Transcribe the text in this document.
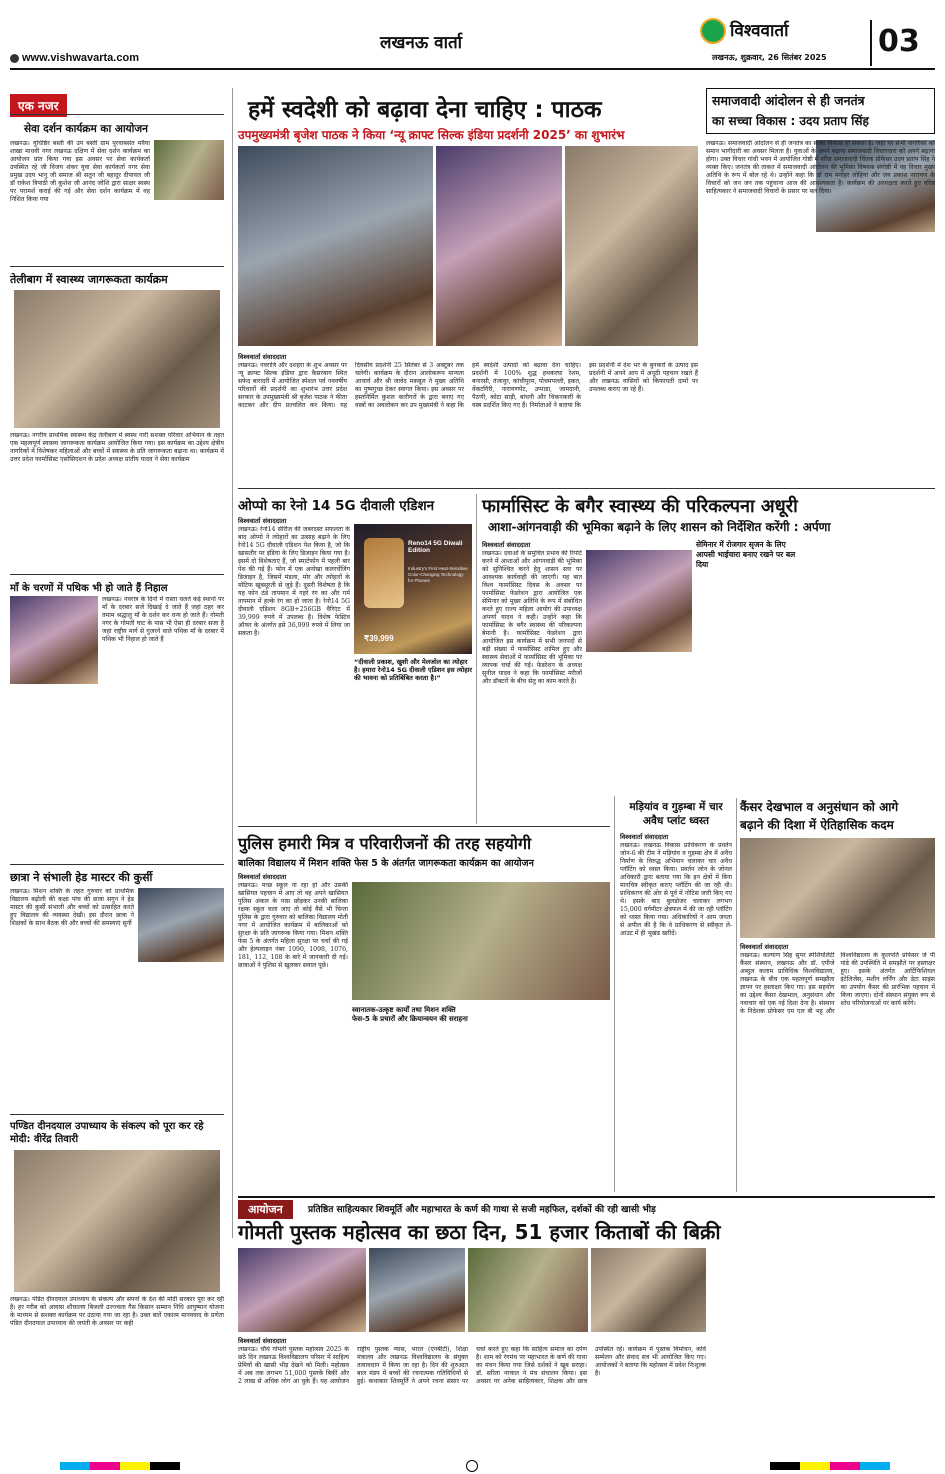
www.vishwavarta.com
लखनऊ वार्ता
विश्ववार्ता
लखनऊ, शुक्रवार, 26 सितंबर 2025 03
एक नजर
सेवा दर्शन कार्यक्रम का आयोजन
लखनऊ। युधिष्ठिर बस्ती की उप बस्ती ग्राम पुरवाबसंत मवैया शाखा माधवी नगर लखनऊ दक्षिण में सेवा दर्शन कार्यक्रम का आयोजन प्रांत किया गया इस अवसर पर सेवा कार्यकर्ता उपस्थित रहे जी विजय शंकर युवा सेवा कार्यकर्ता नगर सेवा प्रमुख उदय भानु जी समाज श्री सतुन जी बहादुर दीपावल जी डॉ राकेश त्रिपाठी जी कुशेश जी आनंद जोशि द्वारा साक्षर स्वस्थ पर परामर्श कराई की गई और सेवा दर्शन कार्यक्रम में वह निशित किया गया
तेलीबाग में स्वास्थ्य जागरूकता कार्यक्रम
लखनऊ। नगरीय प्राथमिक स्वास्थ्य केंद्र तेलीबाग में स्वस्थ नारी सशक्त परिवार अभियान के तहत एक महत्वपूर्ण स्वास्थ्य जागरूकता कार्यक्रम आयोजित किया गया। इस कार्यक्रम का उद्देश्य क्षेत्रीय नागरिकों में विशेषकर महिलाओं और बच्चों में स्वास्थ्य के प्रति जागरूकता बढ़ाना था। कार्यक्रम में उत्तर प्रदेश फार्मासिस्ट एसोसिएशन के प्रदेश अध्यक्ष प्रांतीय यादव ने सेवा कार्यक्रम
माँ के चरणों में पथिक भी हो जाते हैं निहाल
लखनऊ। नवरात्र के दिनों में रास्ता चलते कई स्थानों पर माँ के दरबार सजे दिखाई दे जाते हैं जहां ठहर कर तमाम श्रद्धालु माँ के दर्शन कर धन्य हो जाते हैं। गोमती नगर के गोमती घाट के पास भी ऐसा ही दरबार सजा है जहां राष्ट्रीय मार्ग से गुजरने वाले पथिक माँ के दरबार में पथिक भी निहाल हो जाते हैं
छात्रा ने संभाली हेड मास्टर की कुर्सी
लखनऊ। मिशन शक्ति के तहत गुरुवार को प्राथमिक विद्यालय बढ़ोली की कक्षा पांच की छात्रा सगुन ने हेड मास्टर की कुर्सी संभाली और बच्चों को उत्साहित करते हुए विद्यालय की व्यवस्था देखी। इस दौरान छात्रा ने शिक्षकों के साथ बैठक की और बच्चों की समस्याएं सुनीं
पण्डित दीनदयाल उपाध्याय के संकल्प को पूरा कर रहे मोदी: वीरेंद्र तिवारी
लखनऊ। पंडित दीनदयाल उपाध्याय के संकल्प और सपनों के देश की मोदी सरकार पूरा कर रही है। हर गरीब को आवास शौचालय बिजली उज्ज्वला गैस किसान सम्मान निधि आयुष्मान योजना के माध्यम से सशक्त कार्यक्रम पर उठाया गया जा रहा है। उक्त बातें एकात्म मानववाद के प्रणेता पंडित दीनदयाल उपाध्याय की जयंती के अवसर पर कही
हमें स्वदेशी को बढ़ावा देना चाहिए : पाठक
उपमुख्यमंत्री बृजेश पाठक ने किया ‘न्यू क्राफ्ट सिल्क इंडिया प्रदर्शनी 2025’ का शुभारंभ
विश्ववार्ता संवाददाता
लखनऊ। नवरात्रि और दशहरा के शुभ अवसर पर न्यू क्राफ्ट सिल्क इंडिया द्वारा कैसरबाग स्थित सफेद बारादरी में आयोजित स्पेशल पर्व नववर्षीय परिधानों की प्रदर्शनी का शुभारंभ उत्तर प्रदेश सरकार के उपमुख्यमंत्री श्री बृजेश पाठक ने फीता काटकर और दीप प्रज्वलित कर किया। यह दिवसीय प्रदर्शनी 25 सितंबर से 3 अक्टूबर तक चलेगी। कार्यक्रम के दौरान आलोकरूप मान्यता आचार्य और श्री जावेद मकबूल ने मुख्य अतिथि का पुष्पगुच्छ देकर स्वागत किया। इस अवसर पर हस्तनिर्मित कुशल कारीगरों के द्वारा बनाए गए वस्त्रों का अवलोकन कर उप मुख्यमंत्री ने कहा कि हमें स्वदेशी उत्पादों को बढ़ावा देना चाहिए। प्रदर्शनी में 100% शुद्ध हथकरघा रेशम, बनारसी, तंजावुर, कांचीपुरम, पोचमपल्ली, इकत, वेंकटगिरी, नारायणपेट, उप्पाडा, जामदानी, पैठणी, कोटा साड़ी, बांधनी और चिकनकारी के वस्त्र प्रदर्शित किए गए हैं। निर्माताओं ने बताया कि इस प्रदर्शनी में देश भर के बुनकरों के उत्पाद इस प्रदर्शनी में अपने आप में अनूठी पहचान रखते हैं और लखनऊ वासियों को किफायती दामों पर उपलब्ध कराए जा रहे हैं।
समाजवादी आंदोलन से ही जनतंत्र
का सच्चा विकास : उदय प्रताप सिंह
लखनऊ। समाजवादी आंदोलन से ही जनतंत्र का सच्चा विकास हो सकता है। जहां पर सभी नागरिकों को समान भागीदारी का अवसर मिलता है। युवाओं के अपने बढ़ावा समाजवादी विचारधारा को अपने बढ़ाना होगा। उक्त विचार गांधी भवन में आयोजित गोष्ठी में वरिष्ठ समाजवादी चिंतक प्रोफेसर उदय प्रताप सिंह ने व्यक्त किए। जनतंत्र की ताकत में समाजवादी आंदोलन की भूमिका विषयक संगोष्ठी में वह विचार मुख्य अतिथि के रूप में बोल रहे थे। उन्होंने कहा कि डॉ राम मनोहर लोहिया और जय प्रकाश नारायण के विचारों को जन जन तक पहुंचाना आज की आवश्यकता है। कार्यक्रम की अध्यक्षता करते हुए वरिष्ठ साहित्यकार ने समाजवादी विचारों के प्रसार पर बल दिया।
ओप्पो का रेनो 14 5G दीवाली एडिशन
विश्ववार्ता संवाददाता
Reno14 5G Diwali Edition
Industry's First Heat-Sensitive Color-Changing Technology for Phones
₹39,999
लखनऊ। रेनो14 सीरीज की जबरदस्त सफलता के बाद ओप्पो ने त्योहारों का उत्साह बढ़ाने के लिए रेनो14 5G दीवाली एडिशन पेश किया है, जो कि खासतौर पर इंडिया के लिए डिजाइन किया गया है। इसमें दो विशेषताएं हैं, जो स्मार्टफोन में पहली बार पेश की गई हैं। फोन में एक अनोखा कलरचेंजिंग डिजाइन है, जिसमें मंडला, मोर और त्योहारों के मोटिफ खूबसूरती से जुड़े हैं। दूसरी विशेषता है कि यह फोन ठंडे तापमान में गहरे रंग का और गर्म तापमान में हल्के रंग का हो जाता है। रेनो14 5G दीवाली एडिशन 8GB+256GB वैरिएंट में 39,999 रुपये में उपलब्ध है। विशेष फेस्टिव ऑफर के अंतर्गत इसे 36,999 रुपये में लिया जा सकता है।
“दीवाली प्रकाश, खुशी और मेलजोल का त्योहार है। हमारा रेनो14 5G दीवाली एडिशन इस त्योहार की भावना को प्रतिबिंबित करता है।”
फार्मासिस्ट के बगैर स्वास्थ्य की परिकल्पना अधूरी
आशा-आंगनवाड़ी की भूमिका बढ़ाने के लिए शासन को निर्देशित करेंगी : अर्पणा
विश्ववार्ता संवाददाता
लखनऊ। दवाओं के समुचित प्रभाव की रिपोर्ट करने में आशाओं और आंगनवाड़ी की भूमिका को सुनिश्चित करने हेतु शासन स्तर पर आवश्यक कार्यवाही की जाएगी। यह बात विश्व फार्मासिस्ट दिवस के अवसर पर फार्मासिस्ट फेडरेशन द्वारा आयोजित एक सेमिनार को मुख्य अतिथि के रूप में संबोधित करते हुए राज्य महिला आयोग की उपाध्यक्ष अपर्णा यादव ने कही। उन्होंने कहा कि फार्मासिस्ट के बगैर स्वास्थ्य की परिकल्पना बेमानी है। फार्मासिस्ट फेडरेशन द्वारा आयोजित इस कार्यक्रम में सभी जनपदों से बड़ी संख्या में फार्मासिस्ट शामिल हुए और स्वास्थ्य सेवाओं में फार्मासिस्ट की भूमिका पर व्यापक चर्चा की गई। फेडरेशन के अध्यक्ष सुनील यादव ने कहा कि फार्मासिस्ट मरीजों और डॉक्टरों के बीच सेतु का काम करते हैं।
सेमिनार में रोजगार सृजन के लिए आपसी भाईचारा बनाए रखने पर बल दिया
पुलिस हमारी मित्र व परिवारीजनों की तरह सहयोगी
बालिका विद्यालय में मिशन शक्ति फेस 5 के अंतर्गत जागरूकता कार्यक्रम का आयोजन
विश्ववार्ता संवाददाता
लखनऊ। मच्छ स्कूल ना रहा हो और उसकी खासियत पहचान में आए तो वह अपने खासियत पुलिस अंकल के पास छोड़कर उनकी बालिका रक्षक स्कूल चला जाए तो कोई वैसे भी चिन्ता पुलिस के द्वारा गुरुवार को बालिका विद्यालय मोती नगर में आयोजित कार्यक्रम में बालिकाओं को सुरक्षा के प्रति जागरूक किया गया। मिशन शक्ति फेस 5 के अंतर्गत महिला सुरक्षा पर चर्चा की गई और हेल्पलाइन नंबर 1090, 1098, 1076, 181, 112, 108 के बारे में जानकारी दी गई। छात्राओं ने पुलिस से खुलकर सवाल पूछे।
स्वानातक-उत्कृष्ट कार्यों तथा मिशन शक्ति फेस-5 के प्रचारों और क्रियान्वयन की सराहना
मड़ियांव व गुड़म्बा में चार अवैध प्लांट ध्वस्त
विश्ववार्ता संवाददाता
लखनऊ। लखनऊ विकास प्राधिकरण के प्रवर्तन जोन-6 की टीम ने मड़ियांव व गुड़म्बा क्षेत्र में अवैध निर्माण के विरुद्ध अभियान चलाकर चार अवैध प्लॉटिंग को ध्वस्त किया। प्रवर्तन जोन के जोनल अधिकारी द्वारा बताया गया कि इन क्षेत्रों में बिना मानचित्र स्वीकृत कराए प्लॉटिंग की जा रही थी। प्राधिकरण की ओर से पूर्व में नोटिस जारी किए गए थे। इसके बाद बुलडोजर चलाकर लगभग 15,000 वर्गमीटर क्षेत्रफल में की जा रही प्लॉटिंग को ध्वस्त किया गया। अधिकारियों ने आम जनता से अपील की है कि वे प्राधिकरण से स्वीकृत ले-आउट में ही भूखंड खरीदें।
कैंसर देखभाल व अनुसंधान को आगे
बढ़ाने की दिशा में ऐतिहासिक कदम
विश्ववार्ता संवाददाता
लखनऊ। कल्याण सिंह सुपर स्पेशियलिटी कैंसर संस्थान, लखनऊ और डॉ. एपीजे अब्दुल कलाम प्राविधिक विश्वविद्यालय, लखनऊ के बीच एक महत्वपूर्ण समझौता ज्ञापन पर हस्ताक्षर किए गए। इस सहयोग का उद्देश्य कैंसर देखभाल, अनुसंधान और नवाचार को एक नई दिशा देना है। संस्थान के निदेशक प्रोफेसर एम एल बी भट्ट और विश्वविद्यालय के कुलपति प्रोफेसर जे पी पांडे की उपस्थिति में समझौते पर हस्ताक्षर हुए। इसके अंतर्गत आर्टिफिशियल इंटेलिजेंस, मशीन लर्निंग और डेटा साइंस का उपयोग कैंसर की प्रारंभिक पहचान में किया जाएगा। दोनों संस्थान संयुक्त रूप से शोध परियोजनाओं पर कार्य करेंगे।
आयोजन	प्रतिष्ठित साहित्यकार शिवमूर्ति और महाभारत के कर्ण की गाथा से सजी महफिल, दर्शकों की रही खासी भीड़
गोमती पुस्तक महोत्सव का छठा दिन, 51 हजार किताबों की बिक्री
विश्ववार्ता संवाददाता
लखनऊ। चौथे गोमती पुस्तक महोत्सव 2025 के छठे दिन लखनऊ विश्वविद्यालय परिसर में साहित्य प्रेमियों की खासी भीड़ देखने को मिली। महोत्सव में अब तक लगभग 51,000 पुस्तकें बिकीं और 2 लाख से अधिक लोग आ चुके हैं। यह आयोजन राष्ट्रीय पुस्तक न्यास, भारत (एनबीटी), शिक्षा मंत्रालय और लखनऊ विश्वविद्यालय के संयुक्त तत्वावधान में किया जा रहा है। दिन की शुरुआत बाल मंडप में बच्चों की रचनात्मक गतिविधियों से हुई। कथाकार शिवमूर्ति ने अपने रचना संसार पर चर्चा करते हुए कहा कि साहित्य समाज का दर्पण है। शाम को रंगमंच पर महाभारत के कर्ण की गाथा का मंचन किया गया जिसे दर्शकों ने खूब सराहा। डॉ. सरिता नरवाल ने मंच संचालन किया। इस अवसर पर अनेक साहित्यकार, शिक्षक और छात्र उपस्थित रहे। कार्यक्रम में पुस्तक विमोचन, कवि सम्मेलन और संवाद सत्र भी आयोजित किए गए। आयोजकों ने बताया कि महोत्सव में प्रवेश निःशुल्क है।
